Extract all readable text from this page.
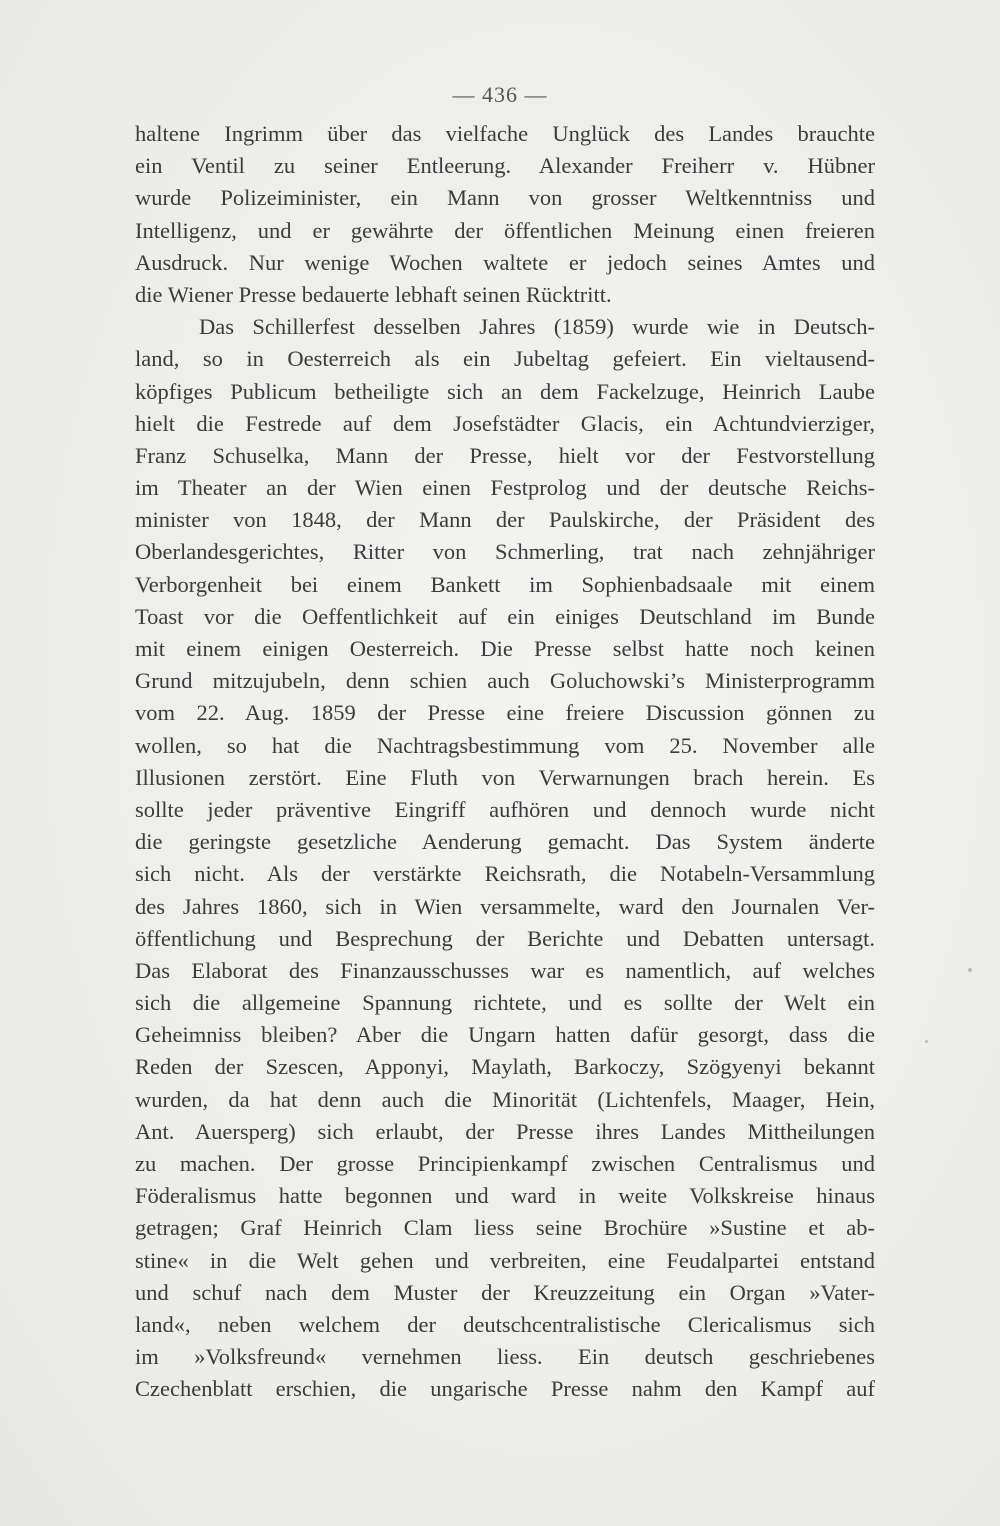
— 436 —
haltene Ingrimm über das vielfache Unglück des Landes brauchte
ein Ventil zu seiner Entleerung. Alexander Freiherr v. Hübner
wurde Polizeiminister, ein Mann von grosser Weltkenntniss und
Intelligenz, und er gewährte der öffentlichen Meinung einen freieren
Ausdruck. Nur wenige Wochen waltete er jedoch seines Amtes und
die Wiener Presse bedauerte lebhaft seinen Rücktritt.
Das Schillerfest desselben Jahres (1859) wurde wie in Deutsch-
land, so in Oesterreich als ein Jubeltag gefeiert. Ein vieltausend-
köpfiges Publicum betheiligte sich an dem Fackelzuge, Heinrich Laube
hielt die Festrede auf dem Josefstädter Glacis, ein Achtundvierziger,
Franz Schuselka, Mann der Presse, hielt vor der Festvorstellung
im Theater an der Wien einen Festprolog und der deutsche Reichs-
minister von 1848, der Mann der Paulskirche, der Präsident des
Oberlandesgerichtes, Ritter von Schmerling, trat nach zehnjähriger
Verborgenheit bei einem Bankett im Sophienbadsaale mit einem
Toast vor die Oeffentlichkeit auf ein einiges Deutschland im Bunde
mit einem einigen Oesterreich. Die Presse selbst hatte noch keinen
Grund mitzujubeln, denn schien auch Goluchowski’s Ministerprogramm
vom 22. Aug. 1859 der Presse eine freiere Discussion gönnen zu
wollen, so hat die Nachtragsbestimmung vom 25. November alle
Illusionen zerstört. Eine Fluth von Verwarnungen brach herein. Es
sollte jeder präventive Eingriff aufhören und dennoch wurde nicht
die geringste gesetzliche Aenderung gemacht. Das System änderte
sich nicht. Als der verstärkte Reichsrath, die Notabeln-Versammlung
des Jahres 1860, sich in Wien versammelte, ward den Journalen Ver-
öffentlichung und Besprechung der Berichte und Debatten untersagt.
Das Elaborat des Finanzausschusses war es namentlich, auf welches
sich die allgemeine Spannung richtete, und es sollte der Welt ein
Geheimniss bleiben? Aber die Ungarn hatten dafür gesorgt, dass die
Reden der Szescen, Apponyi, Maylath, Barkoczy, Szögyenyi bekannt
wurden, da hat denn auch die Minorität (Lichtenfels, Maager, Hein,
Ant. Auersperg) sich erlaubt, der Presse ihres Landes Mittheilungen
zu machen. Der grosse Principienkampf zwischen Centralismus und
Föderalismus hatte begonnen und ward in weite Volkskreise hinaus
getragen; Graf Heinrich Clam liess seine Brochüre »Sustine et ab-
stine« in die Welt gehen und verbreiten, eine Feudalpartei entstand
und schuf nach dem Muster der Kreuzzeitung ein Organ »Vater-
land«, neben welchem der deutschcentralistische Clericalismus sich
im »Volksfreund« vernehmen liess. Ein deutsch geschriebenes
Czechenblatt erschien, die ungarische Presse nahm den Kampf auf
